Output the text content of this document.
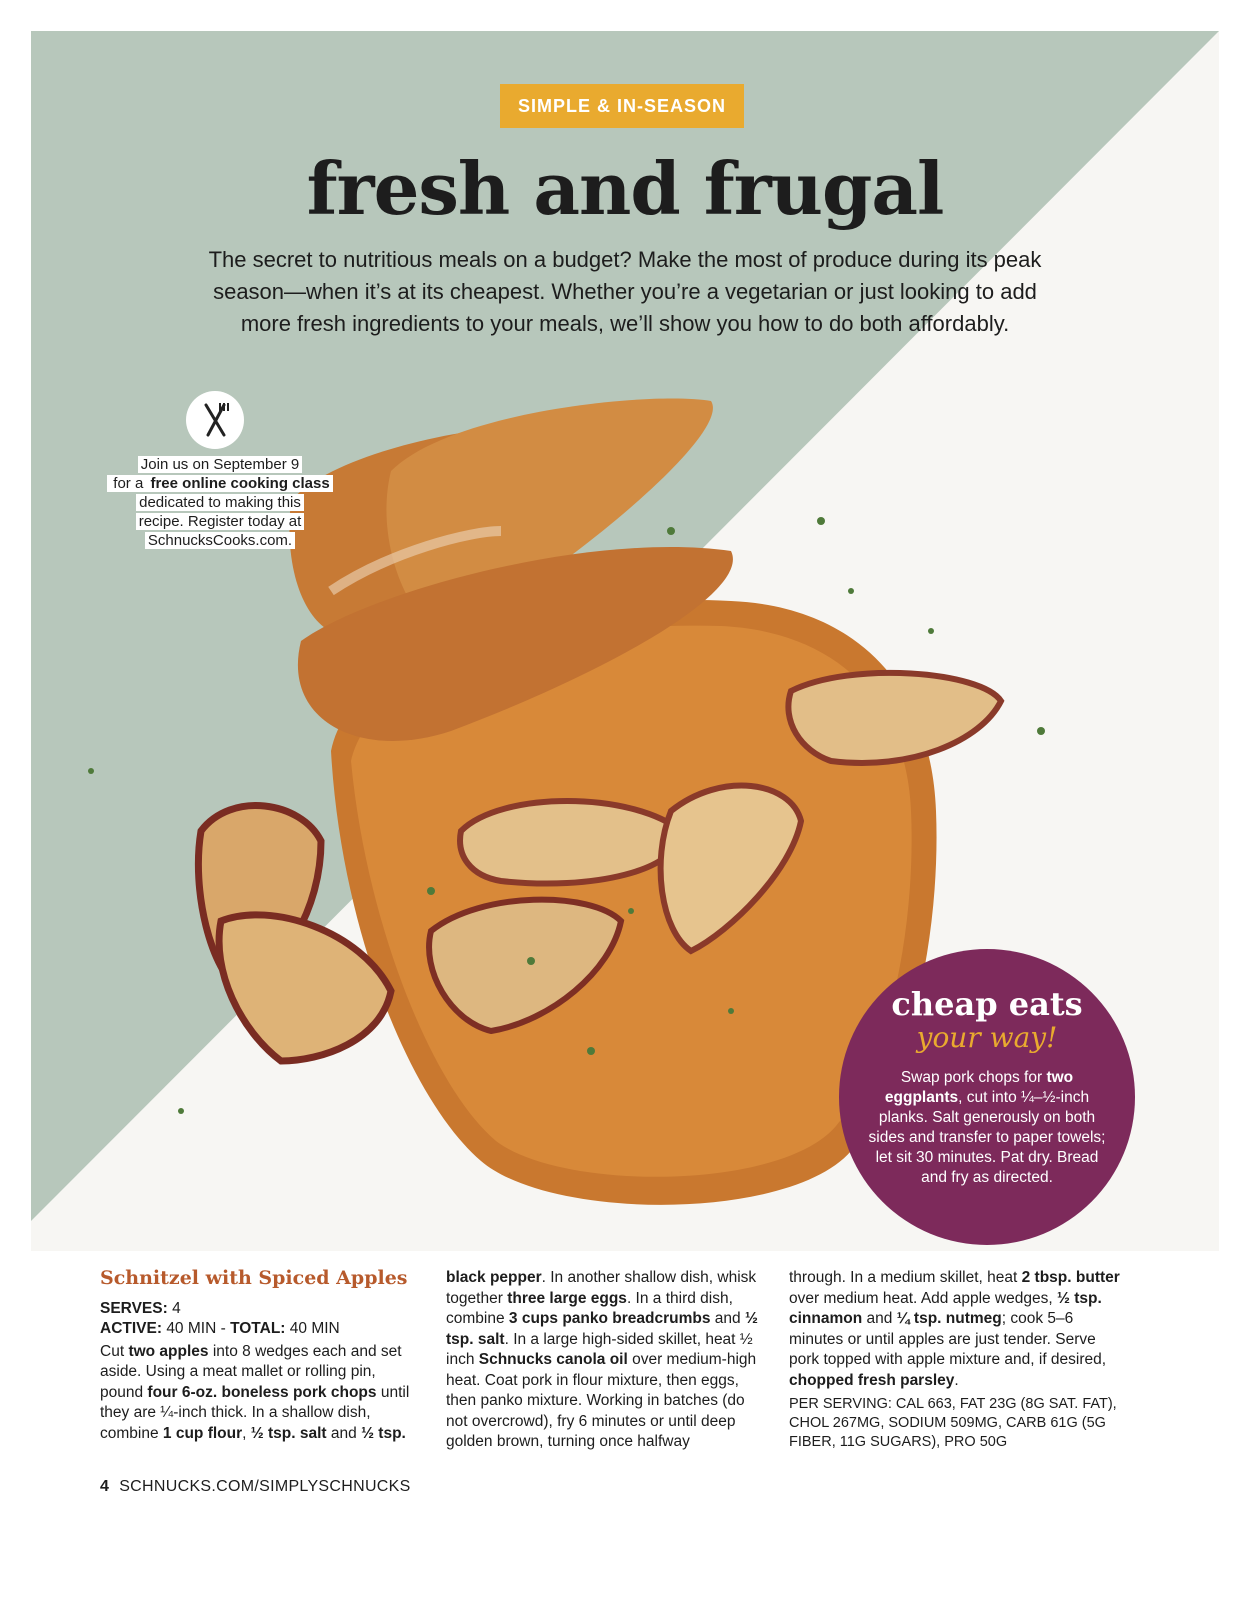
SIMPLE & IN-SEASON
fresh and frugal
The secret to nutritious meals on a budget? Make the most of produce during its peak season—when it’s at its cheapest. Whether you’re a vegetarian or just looking to add more fresh ingredients to your meals, we’ll show you how to do both affordably.
Join us on September 9
for a free online cooking class
dedicated to making this
recipe. Register today at
SchnucksCooks.com.
cheap eats
your way!
Swap pork chops for two eggplants, cut into ¼–½-inch planks. Salt generously on both sides and transfer to paper towels; let sit 30 minutes. Pat dry. Bread and fry as directed.
Schnitzel with Spiced Apples
SERVES: 4
ACTIVE: 40 MIN - TOTAL: 40 MIN
Cut two apples into 8 wedges each and set aside. Using a meat mallet or rolling pin, pound four 6-oz. boneless pork chops until they are ¼-inch thick. In a shallow dish, combine 1 cup flour, ½ tsp. salt and ½ tsp.
black pepper. In another shallow dish, whisk together three large eggs. In a third dish, combine 3 cups panko breadcrumbs and ½ tsp. salt. In a large high-sided skillet, heat ½ inch Schnucks canola oil over medium-high heat. Coat pork in flour mixture, then eggs, then panko mixture. Working in batches (do not overcrowd), fry 6 minutes or until deep golden brown, turning once halfway
through. In a medium skillet, heat 2 tbsp. butter over medium heat. Add apple wedges, ½ tsp. cinnamon and ¼ tsp. nutmeg; cook 5–6 minutes or until apples are just tender. Serve pork topped with apple mixture and, if desired, chopped fresh parsley.
PER SERVING: CAL 663, FAT 23G (8G SAT. FAT), CHOL 267MG, SODIUM 509MG, CARB 61G (5G FIBER, 11G SUGARS), PRO 50G
4 SCHNUCKS.COM/SIMPLYSCHNUCKS
